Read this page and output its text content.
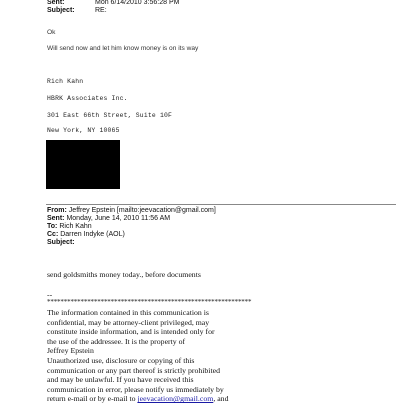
Sent:	Mon 6/14/2010 3:56:28 PM
Subject:	RE:
Ok
Will send now and let him know money is on its way
Rich Kahn
HBRK Associates Inc.
301 East 66th Street, Suite 10F
New York, NY 10065
From: Jeffrey Epstein [mailto:jeevacation@gmail.com]
Sent: Monday, June 14, 2010 11:56 AM
To: Rich Kahn
Cc: Darren Indyke (AOL)
Subject:
send goldsmiths money today., before documents
--
*************************************************************
The information contained in this communication is
confidential, may be attorney-client privileged, may
constitute inside information, and is intended only for
the use of the addressee. It is the property of
Jeffrey Epstein
Unauthorized use, disclosure or copying of this
communication or any part thereof is strictly prohibited
and may be unlawful. If you have received this
communication in error, please notify us immediately by
return e-mail or by e-mail to jeevacation@gmail.com, and
